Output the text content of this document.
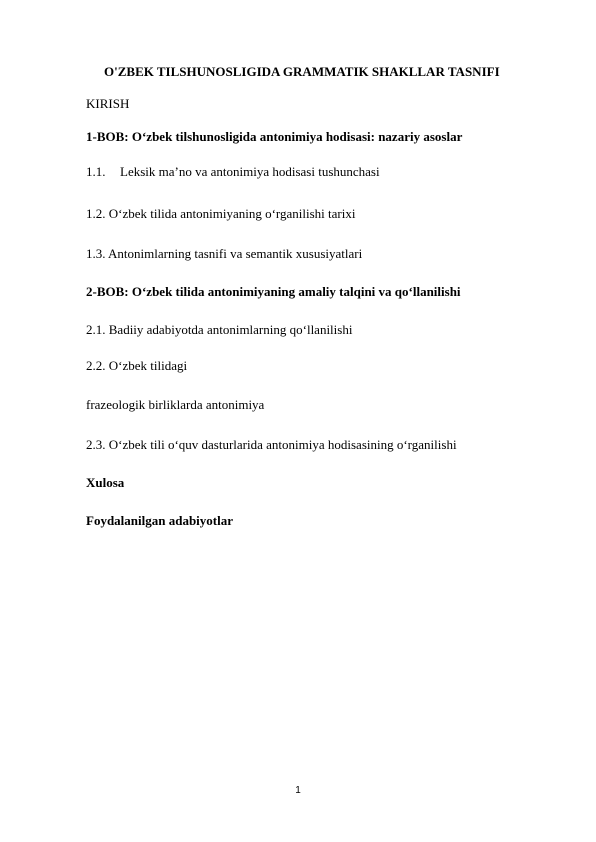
O'ZBEK TILSHUNOSLIGIDA GRAMMATIK SHAKLLAR TASNIFI
KIRISH
1-BOB: O‘zbek tilshunosligida antonimiya hodisasi: nazariy asoslar
1.1. Leksik ma’no va antonimiya hodisasi tushunchasi
1.2. O‘zbek tilida antonimiyaning o‘rganilishi tarixi
1.3. Antonimlarning tasnifi va semantik xususiyatlari
2-BOB: O‘zbek tilida antonimiyaning amaliy talqini va qo‘llanilishi
2.1. Badiiy adabiyotda antonimlarning qo‘llanilishi
2.2. O‘zbek tilidagi
frazeologik birliklarda antonimiya
2.3. O‘zbek tili o‘quv dasturlarida antonimiya hodisasining o‘rganilishi
Xulosa
Foydalanilgan adabiyotlar
1
